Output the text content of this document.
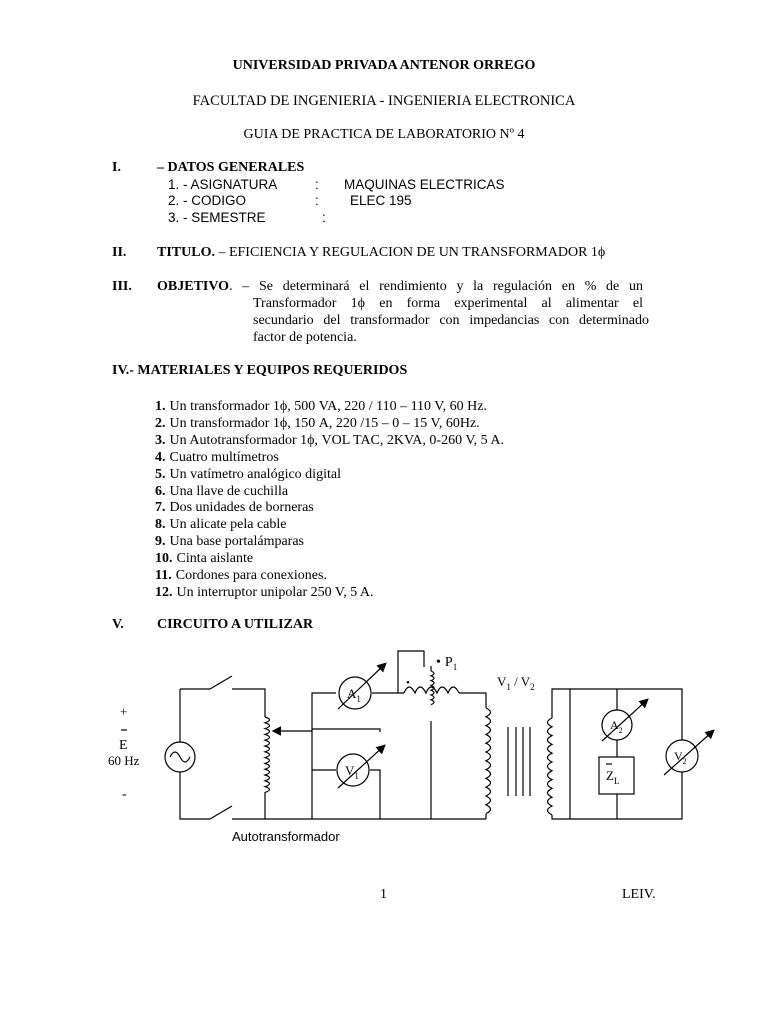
UNIVERSIDAD PRIVADA ANTENOR ORREGO
FACULTAD DE INGENIERIA - INGENIERIA ELECTRONICA
GUIA DE PRACTICA DE LABORATORIO Nº 4
I.	– DATOS GENERALES
1. - ASIGNATURA	: MAQUINAS ELECTRICAS
2. - CODIGO	: ELEC 195
3. - SEMESTRE	:
II. TITULO. – EFICIENCIA Y REGULACION DE UN TRANSFORMADOR 1ϕ
III. OBJETIVO . – Se determinará el rendimiento y la regulación en % de un
Transformador 1ϕ en forma experimental al alimentar el
secundario del transformador con impedancias con determinado
factor de potencia.
IV.- MATERIALES Y EQUIPOS REQUERIDOS
1. Un transformador 1ϕ, 500 VA, 220 / 110 – 110 V, 60 Hz.
2. Un transformador 1ϕ, 150 A, 220 /15 – 0 – 15 V, 60Hz.
3. Un Autotransformador 1ϕ, VOL TAC, 2KVA, 0-260 V, 5 A.
4. Cuatro multímetros
5. Un vatímetro analógico digital
6. Una llave de cuchilla
7. Dos unidades de borneras
8. Un alicate pela cable
9. Una base portalámparas
10. Cinta aislante
11. Cordones para conexiones.
12. Un interruptor unipolar 250 V, 5 A.
V. CIRCUITO A UTILIZAR
+
E
60 Hz
-
$A_1$
$V_1$
$A_2$
$V_2$
$Z_L$
• $P_1$
•	$V_1 / V_2$
Autotransformador
1	LEIV.
